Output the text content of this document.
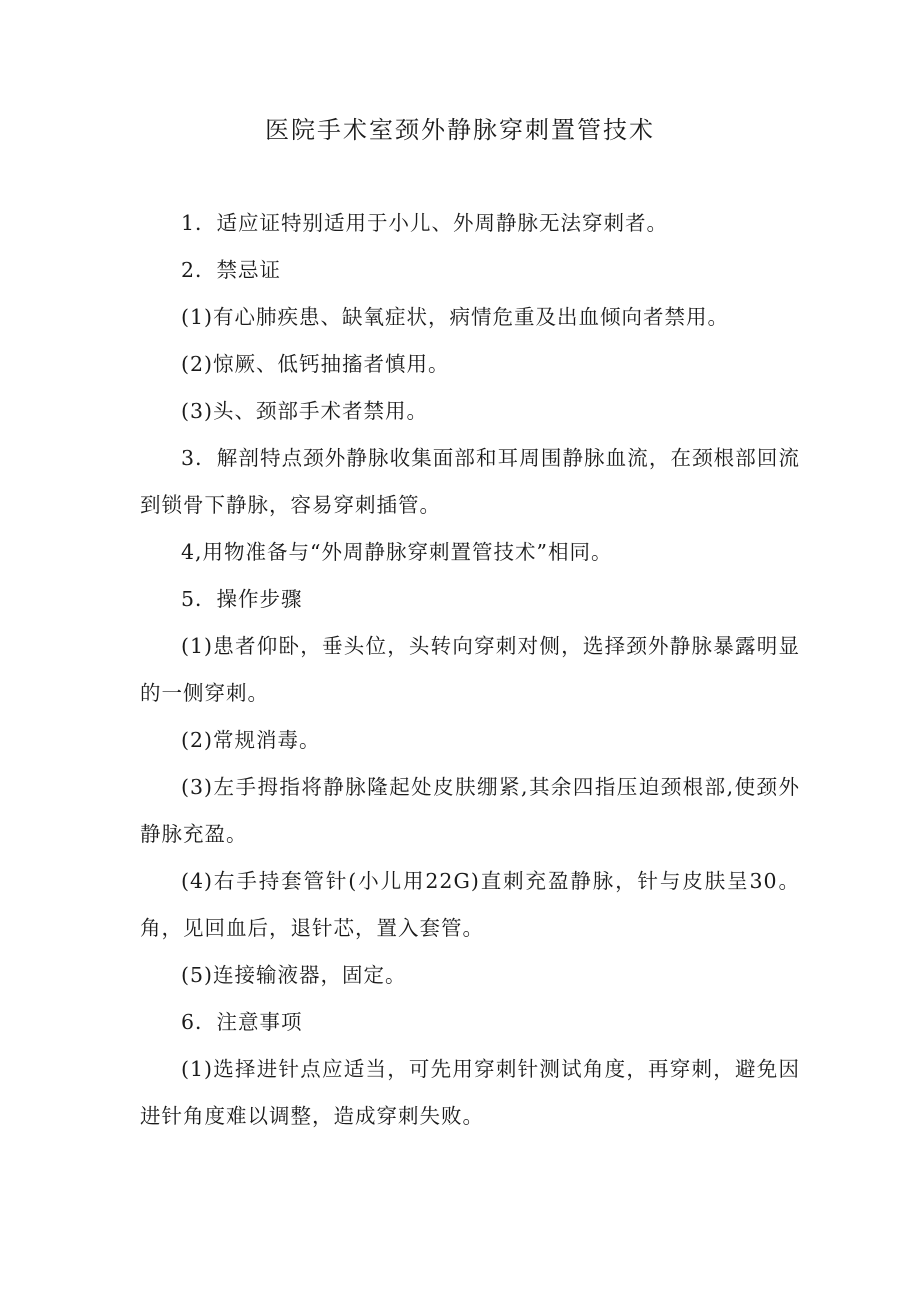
医院手术室颈外静脉穿刺置管技术

1．适应证特别适用于小儿、外周静脉无法穿刺者。

2．禁忌证

(1)有心肺疾患、缺氧症状，病情危重及出血倾向者禁用。

(2)惊厥、低钙抽搐者慎用。

(3)头、颈部手术者禁用。

3．解剖特点颈外静脉收集面部和耳周围静脉血流，在颈根部回流到锁骨下静脉，容易穿刺插管。

4,用物准备与“外周静脉穿刺置管技术”相同。

5．操作步骤

(1)患者仰卧，垂头位，头转向穿刺对侧，选择颈外静脉暴露明显的一侧穿刺。

(2)常规消毒。

(3)左手拇指将静脉隆起处皮肤绷紧,其余四指压迫颈根部,使颈外静脉充盈。

(4)右手持套管针(小儿用22G)直刺充盈静脉，针与皮肤呈30。角，见回血后，退针芯，置入套管。

(5)连接输液器，固定。

6．注意事项

(1)选择进针点应适当，可先用穿刺针测试角度，再穿刺，避免因进针角度难以调整，造成穿刺失败。
